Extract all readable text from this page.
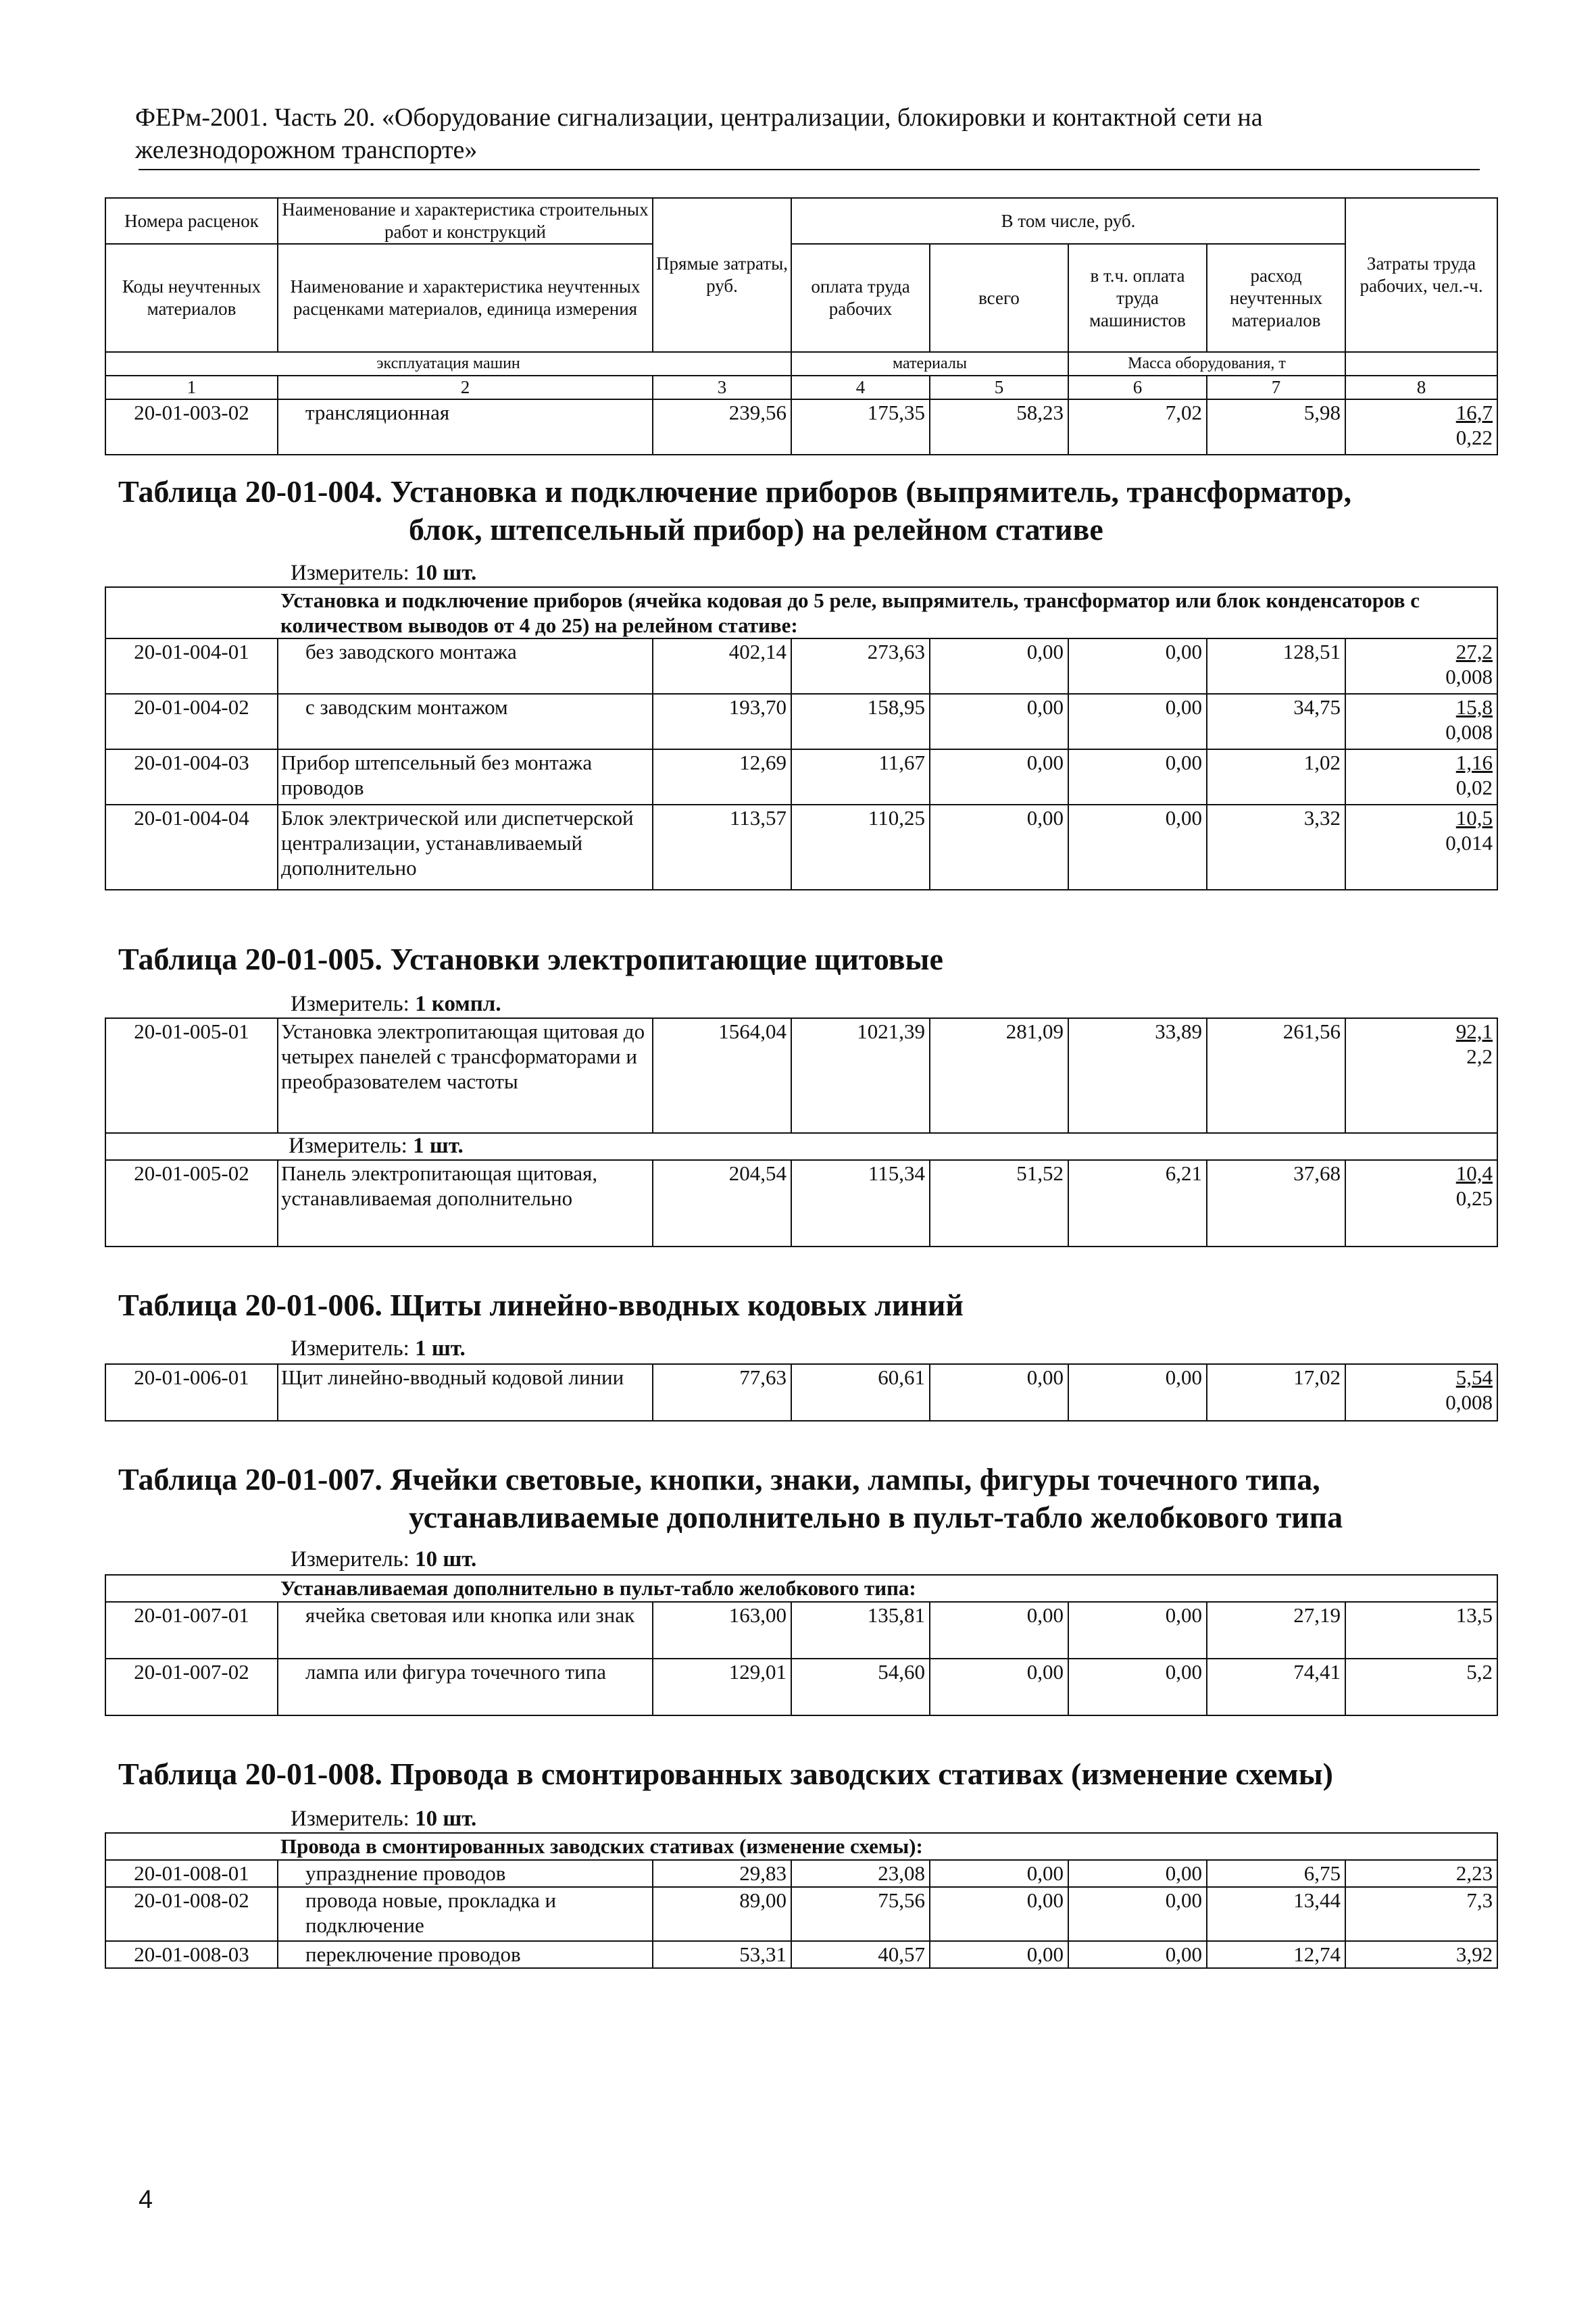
ФЕРм-2001. Часть 20. «Оборудование сигнализации, централизации, блокировки и контактной сети на железнодорожном транспорте»
Номера расценок	Наименование и характеристика строительных работ и конструкций	Прямые затраты, руб.	В том числе, руб.				Затраты труда рабочих, чел.-ч.
Коды неучтенных материалов	Наименование и характеристика неучтенных расценками материалов, единица измерения		оплата труда рабочих	всего	в т.ч. оплата труда машинистов	расход неучтенных материалов	
эксплуатация машин			материалы		Масса оборудования, т		
1	2	3	4	5	6	7	8
20-01-003-02	трансляционная	239,56	175,35	58,23	7,02	5,98	16,7
0,22
Таблица 20-01-004. Установка и подключение приборов (выпрямитель, трансформатор,
блок, штепсельный прибор) на релейном стативе
Измеритель: 10 шт.
	Установка и подключение приборов (ячейка кодовая до 5 реле, выпрямитель, трансформатор или блок конденсаторов с количеством выводов от 4 до 25) на релейном стативе:						
20-01-004-01	без заводского монтажа	402,14	273,63	0,00	0,00	128,51	27,2
0,008
20-01-004-02	с заводским монтажом	193,70	158,95	0,00	0,00	34,75	15,8
0,008
20-01-004-03	Прибор штепсельный без монтажа проводов	12,69	11,67	0,00	0,00	1,02	1,16
0,02
20-01-004-04	Блок электрической или диспетчерской централизации, устанавливаемый дополнительно	113,57	110,25	0,00	0,00	3,32	10,5
0,014
Таблица 20-01-005. Установки электропитающие щитовые
Измеритель: 1 компл.
20-01-005-01	Установка электропитающая щитовая до четырех панелей с трансформаторами и преобразователем частоты	1564,04	1021,39	281,09	33,89	261,56	92,1
2,2
Измеритель: 1 шт.							
20-01-005-02	Панель электропитающая щитовая, устанавливаемая дополнительно	204,54	115,34	51,52	6,21	37,68	10,4
0,25
Таблица 20-01-006. Щиты линейно-вводных кодовых линий
Измеритель: 1 шт.
20-01-006-01	Щит линейно-вводный кодовой линии	77,63	60,61	0,00	0,00	17,02	5,54
0,008
Таблица 20-01-007. Ячейки световые, кнопки, знаки, лампы, фигуры точечного типа,
устанавливаемые дополнительно в пульт-табло желобкового типа
Измеритель: 10 шт.
	Устанавливаемая дополнительно в пульт-табло желобкового типа:						
20-01-007-01	ячейка световая или кнопка или знак	163,00	135,81	0,00	0,00	27,19	13,5
20-01-007-02	лампа или фигура точечного типа	129,01	54,60	0,00	0,00	74,41	5,2
Таблица 20-01-008. Провода в смонтированных заводских стативах (изменение схемы)
Измеритель: 10 шт.
	Провода в смонтированных заводских стативах (изменение схемы):						
20-01-008-01	упразднение проводов	29,83	23,08	0,00	0,00	6,75	2,23
20-01-008-02	провода новые, прокладка и подключение	89,00	75,56	0,00	0,00	13,44	7,3
20-01-008-03	переключение проводов	53,31	40,57	0,00	0,00	12,74	3,92
4
